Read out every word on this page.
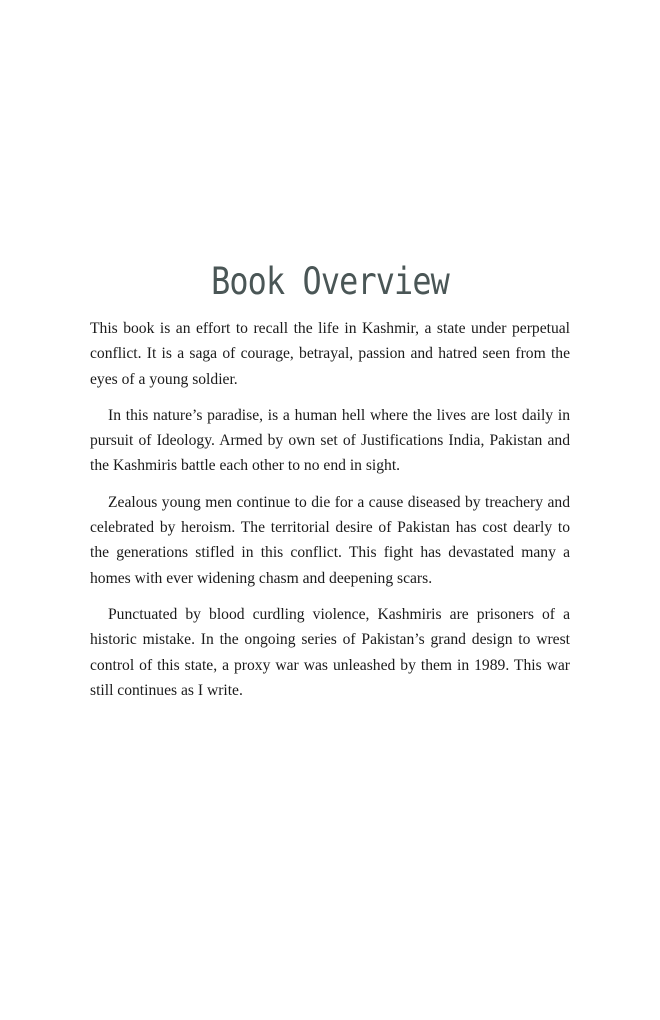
Book Overview

This book is an effort to recall the life in Kashmir, a state under perpetual conflict. It is a saga of courage, betrayal, passion and hatred seen from the eyes of a young soldier.

In this nature’s paradise, is a human hell where the lives are lost daily in pursuit of Ideology. Armed by own set of Justifications India, Pakistan and the Kashmiris battle each other to no end in sight.

Zealous young men continue to die for a cause diseased by treachery and celebrated by heroism. The territorial desire of Pakistan has cost dearly to the generations stifled in this conflict. This fight has devastated many a homes with ever widening chasm and deepening scars.

Punctuated by blood curdling violence, Kashmiris are prisoners of a historic mistake. In the ongoing series of Pakistan’s grand design to wrest control of this state, a proxy war was unleashed by them in 1989. This war still continues as I write.
